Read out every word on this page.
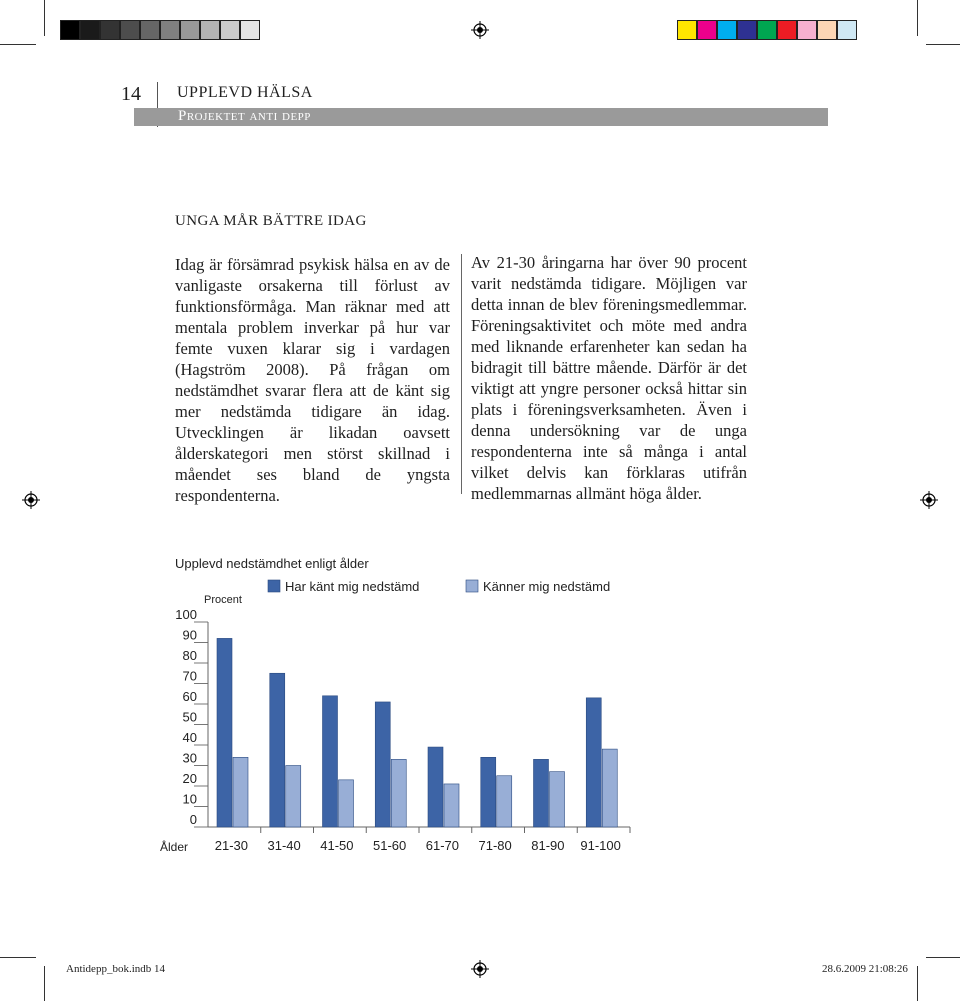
14 UPPLEVD HÄLSA
Projektet anti depp
UNGA MÅR BÄTTRE IDAG
Idag är försämrad psykisk hälsa en av de vanligaste orsakerna till förlust av funktionsförmåga. Man räknar med att mentala problem inverkar på hur var femte vuxen klarar sig i vardagen (Hagström 2008). På frågan om nedstämdhet svarar flera att de känt sig mer nedstämda tidigare än idag. Utvecklingen är likadan oavsett ålderskategori men störst skillnad i måendet ses bland de yngsta respondenterna.
Av 21-30 åringarna har över 90 procent varit nedstämda tidigare. Möjligen var detta innan de blev föreningsmedlemmar. Föreningsaktivitet och möte med andra med liknande erfarenheter kan sedan ha bidragit till bättre mående. Därför är det viktigt att yngre personer också hittar sin plats i föreningsverksamheten. Även i denna undersökning var de unga respondenterna inte så många i antal vilket delvis kan förklaras utifrån medlemmarnas allmänt höga ålder.
Upplevd nedstämdhet enligt ålder
0
10
20
30
40
50
60
70
80
90
100
Procent
21-30 31-40 41-50 51-60 61-70 71-80 81-90 91-100
Ålder
Har känt mig nedstämd	Känner mig nedstämd
Antidepp_bok.indb 14	28.6.2009 21:08:26
